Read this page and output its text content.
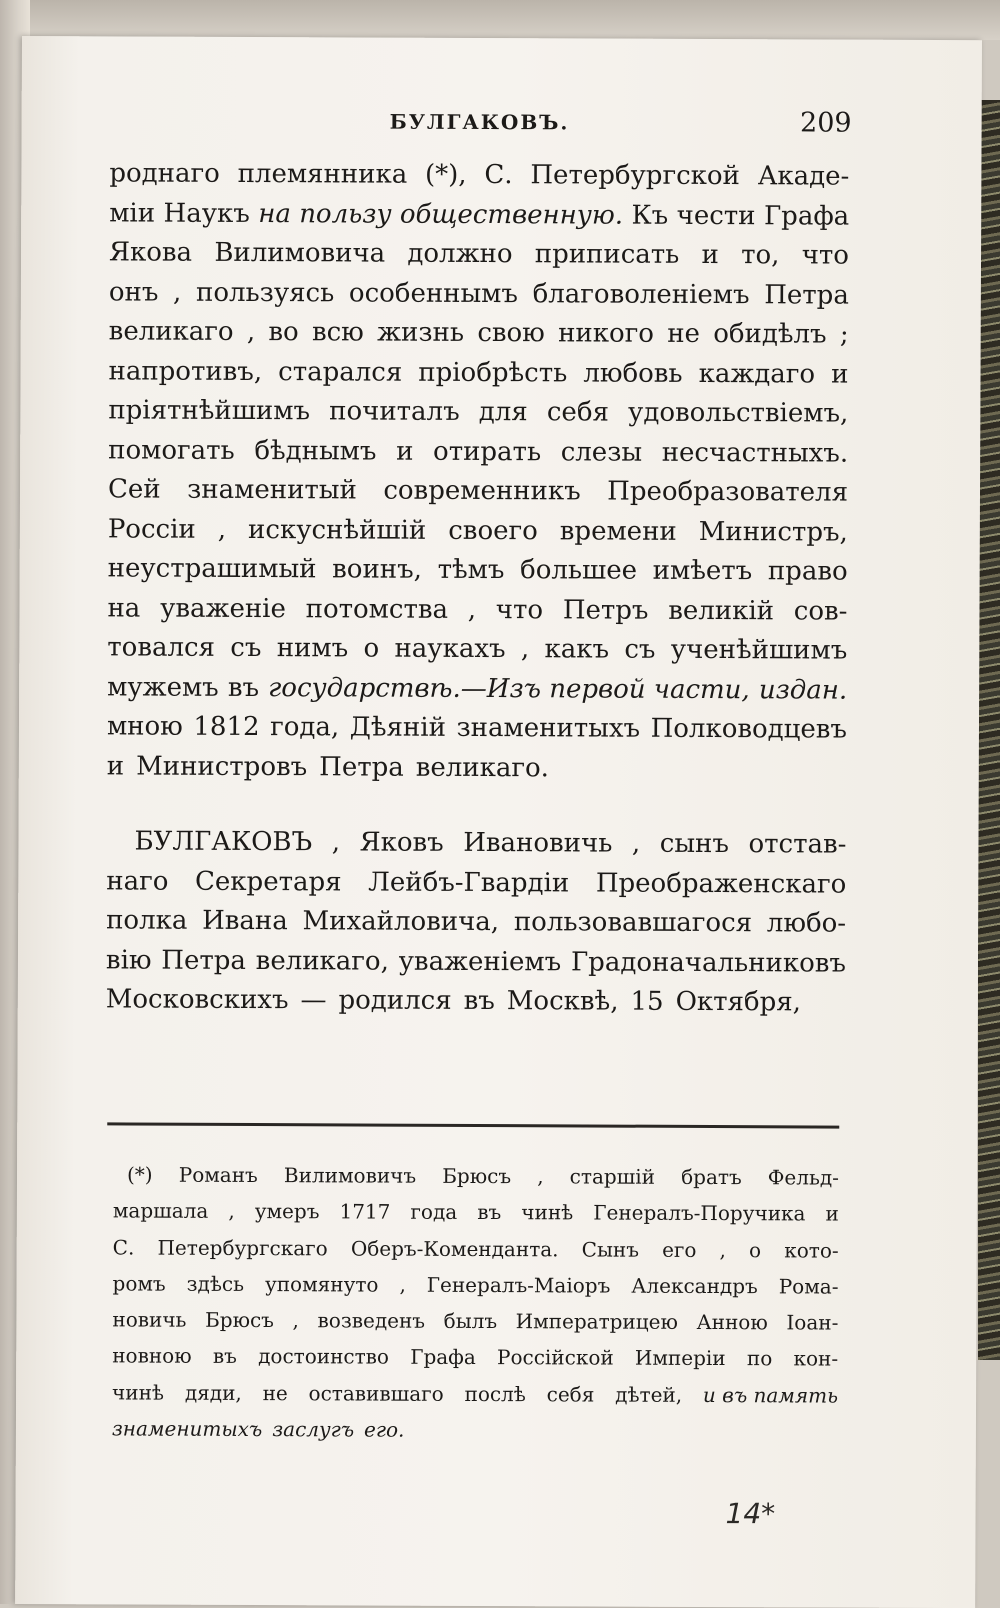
БУЛГАКОВЪ.	209
роднаго племянника (*), С. Петербургской Акаде-
міи Наукъ на пользу общественную. Къ чести Графа
Якова Вилимовича должно приписать и то, что
онъ , пользуясь особеннымъ благоволеніемъ Петра
великаго , во всю жизнь свою никого не обидѣлъ ;
напротивъ, старался пріобрѣсть любовь каждаго и
пріятнѣйшимъ почиталъ для себя удовольствіемъ,
помогать бѣднымъ и отирать слезы несчастныхъ.
Сей знаменитый современникъ Преобразователя
Россіи , искуснѣйшій своего времени Министръ,
неустрашимый воинъ, тѣмъ большее имѣетъ право
на уваженіе потомства , что Петръ великій сов-
товался съ нимъ о наукахъ , какъ съ ученѣйшимъ
мужемъ въ государствѣ.—Изъ первой части, издан.
мною 1812 года, Дѣяній знаменитыхъ Полководцевъ
и Министровъ Петра великаго.
БУЛГАКОВЪ , Яковъ Ивановичь , сынъ отстав-
наго Секретаря Лейбъ-Гвардіи Преображенскаго
полка Ивана Михайловича, пользовавшагося любо-
вію Петра великаго, уваженіемъ Градоначальниковъ
Московскихъ — родился въ Москвѣ, 15 Октября,
(*) Романъ Вилимовичъ Брюсъ , старшій братъ Фельд-
маршала , умеръ 1717 года въ чинѣ Генералъ-Поручика и
С. Петербургскаго Оберъ-Коменданта. Сынъ его , о кото-
ромъ здѣсь упомянуто , Генералъ-Маіоръ Александръ Рома-
новичь Брюсъ , возведенъ былъ Императрицею Анною Іоан-
новною въ достоинство Графа Россійской Имперіи по кон-
чинѣ дяди, не оставившаго послѣ себя дѣтей, и въ память
знаменитыхъ заслугъ его.
14*
